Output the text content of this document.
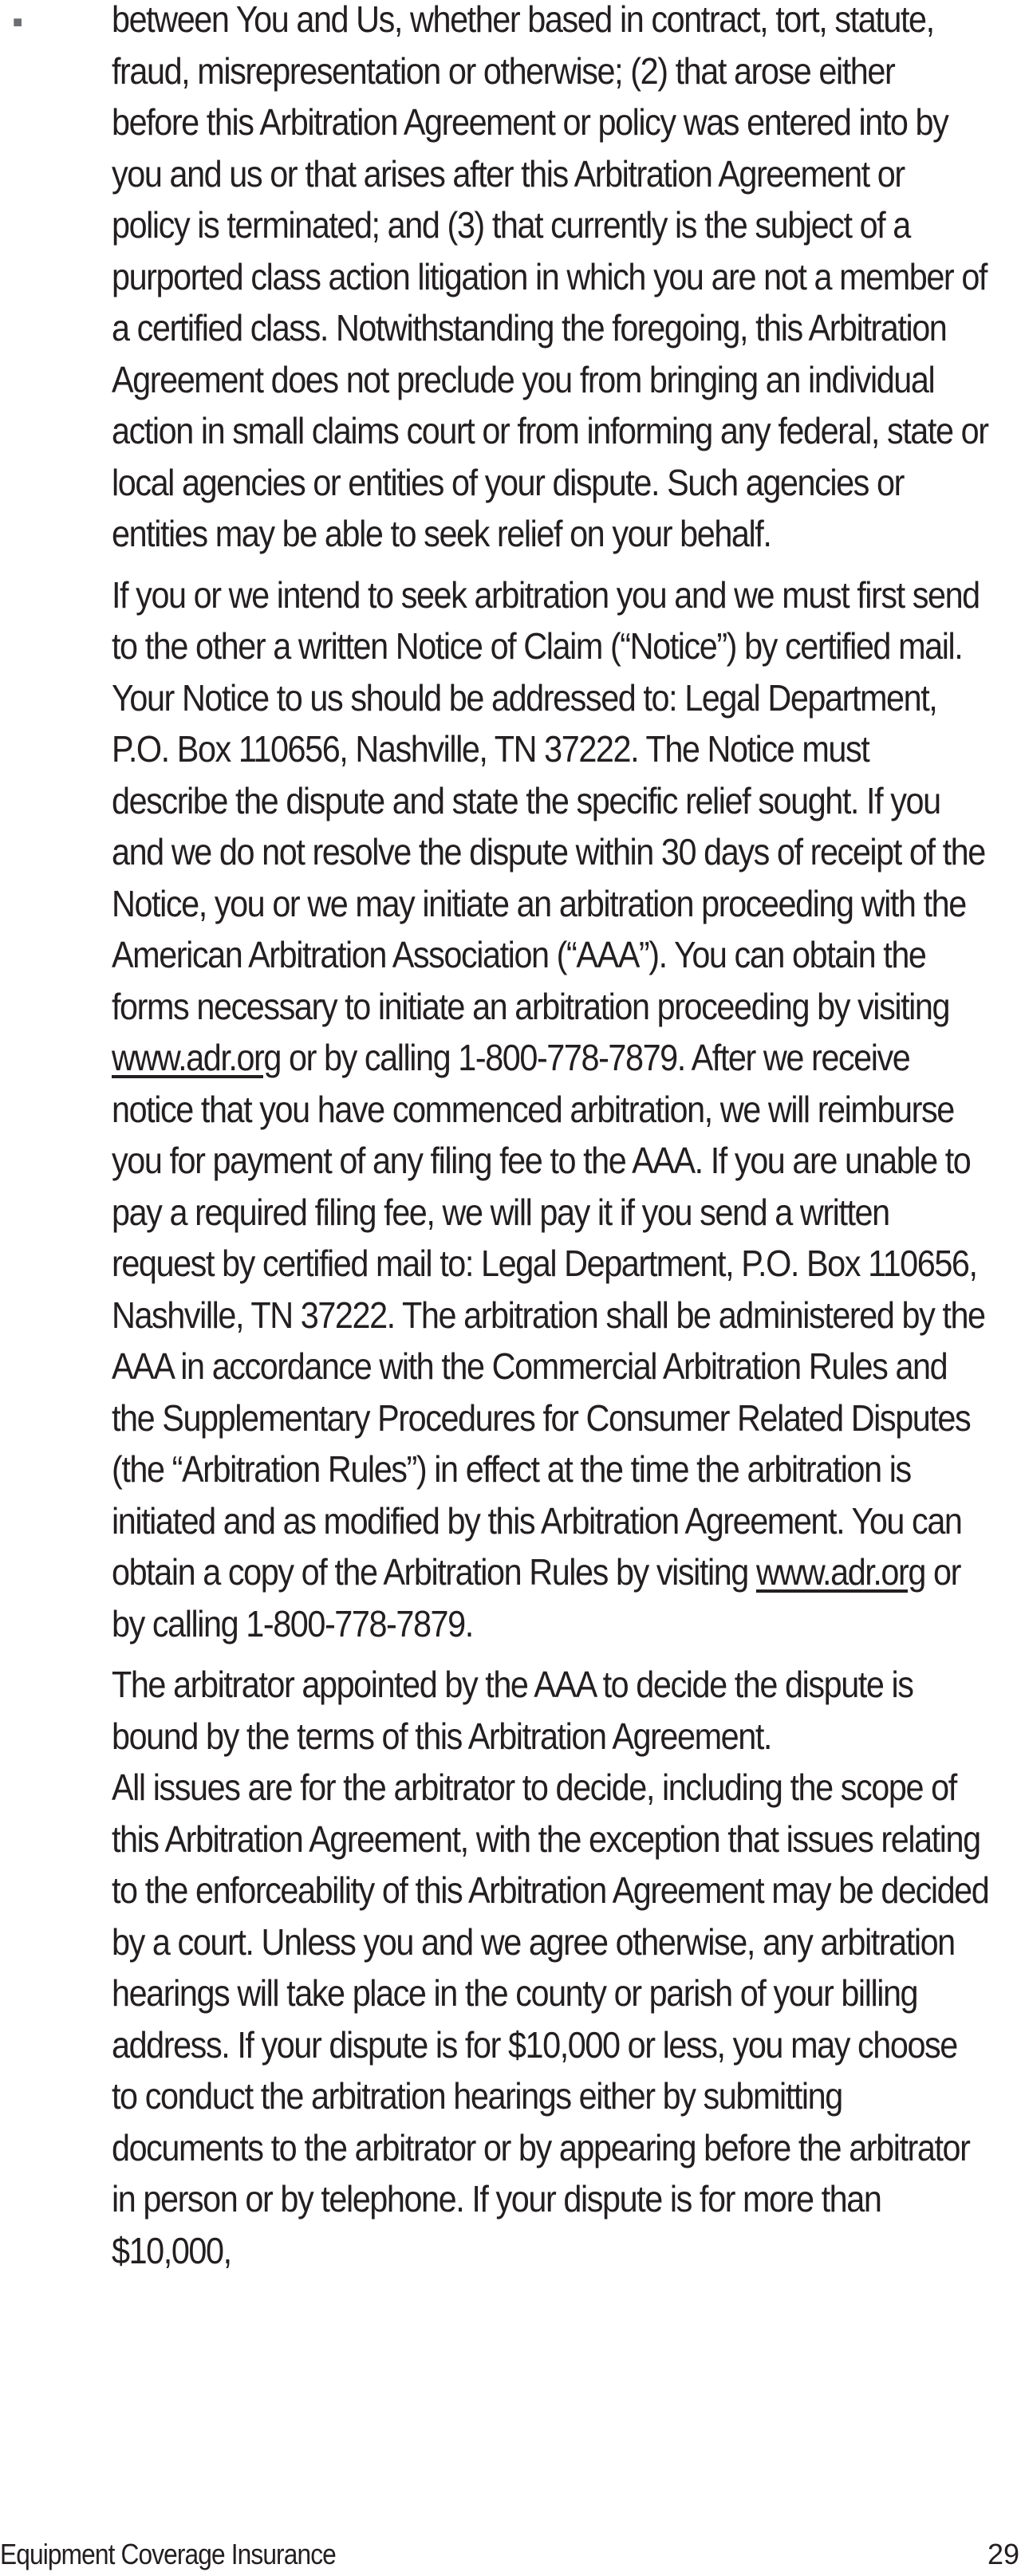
■ between You and Us, whether based in contract, tort, statute, fraud, misrepresentation or otherwise; (2) that arose either before this Arbitration Agreement or policy was entered into by you and us or that arises after this Arbitration Agreement or policy is terminated; and (3) that currently is the subject of a purported class action litigation in which you are not a member of a certified class. Notwithstanding the foregoing, this Arbitration Agreement does not preclude you from bringing an individual action in small claims court or from informing any federal, state or local agencies or entities of your dispute. Such agencies or entities may be able to seek relief on your behalf.

If you or we intend to seek arbitration you and we must first send to the other a written Notice of Claim (“Notice”) by certified mail. Your Notice to us should be addressed to: Legal Department, P.O. Box 110656, Nashville, TN 37222. The Notice must describe the dispute and state the specific relief sought. If you and we do not resolve the dispute within 30 days of receipt of the Notice, you or we may initiate an arbitration proceeding with the American Arbitration Association (“AAA”). You can obtain the forms necessary to initiate an arbitration proceeding by visiting www.adr.org or by calling 1-800-778-7879. After we receive notice that you have commenced arbitration, we will reimburse you for payment of any filing fee to the AAA. If you are unable to pay a required filing fee, we will pay it if you send a written request by certified mail to: Legal Department, P.O. Box 110656, Nashville, TN 37222. The arbitration shall be administered by the AAA in accordance with the Commercial Arbitration Rules and the Supplementary Procedures for Consumer Related Disputes (the “Arbitration Rules”) in effect at the time the arbitration is initiated and as modified by this Arbitration Agreement. You can obtain a copy of the Arbitration Rules by visiting www.adr.org or by calling 1-800-778-7879.

The arbitrator appointed by the AAA to decide the dispute is bound by the terms of this Arbitration Agreement.

All issues are for the arbitrator to decide, including the scope of this Arbitration Agreement, with the exception that issues relating to the enforceability of this Arbitration Agreement may be decided by a court. Unless you and we agree otherwise, any arbitration hearings will take place in the county or parish of your billing address. If your dispute is for $10,000 or less, you may choose to conduct the arbitration hearings either by submitting documents to the arbitrator or by appearing before the arbitrator in person or by telephone. If your dispute is for more than $10,000,

Equipment Coverage Insurance	29
